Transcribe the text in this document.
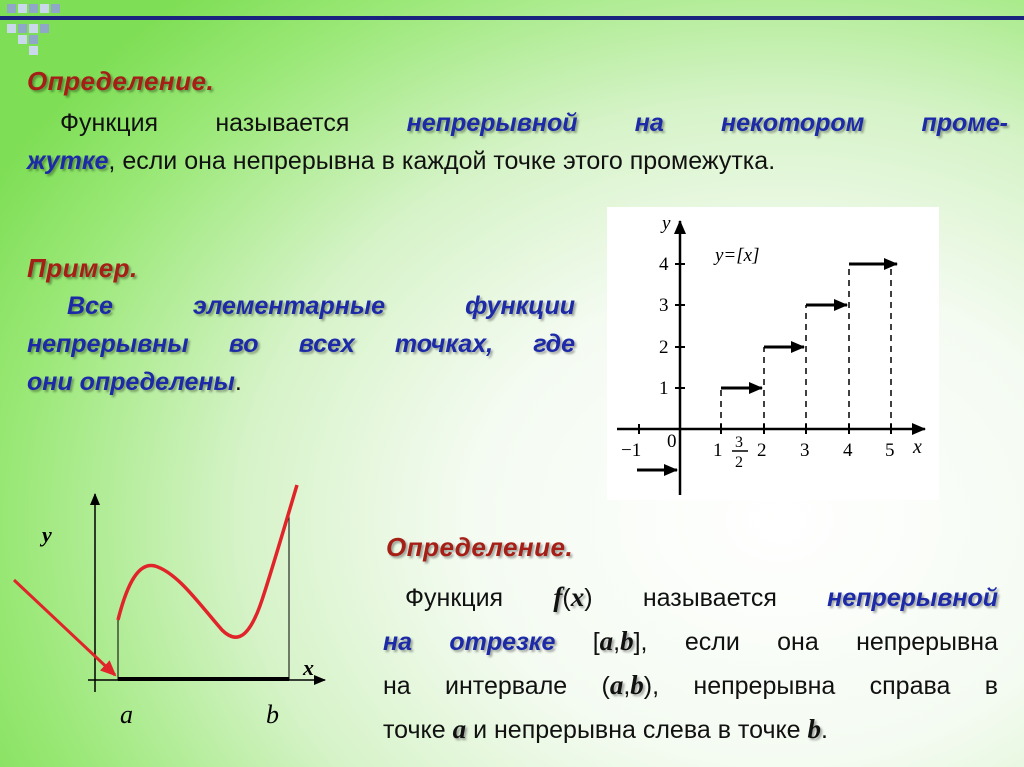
Определение.
Функция называется непрерывной на некотором проме-
жутке, если она непрерывна в каждой точке этого промежутка.
Пример.
Все элементарные функции
непрерывны во всех точках, где
они определены.
y=[x]
y
x
1
2
3
4
−1 0 1 2 3 4 5
3
2
y
x
a	b
Определение.
Функция f(x) называется непрерывной
на отрезке [a,b], если она непрерывна
на интервале (a,b), непрерывна справа в
точке a и непрерывна слева в точке b.
